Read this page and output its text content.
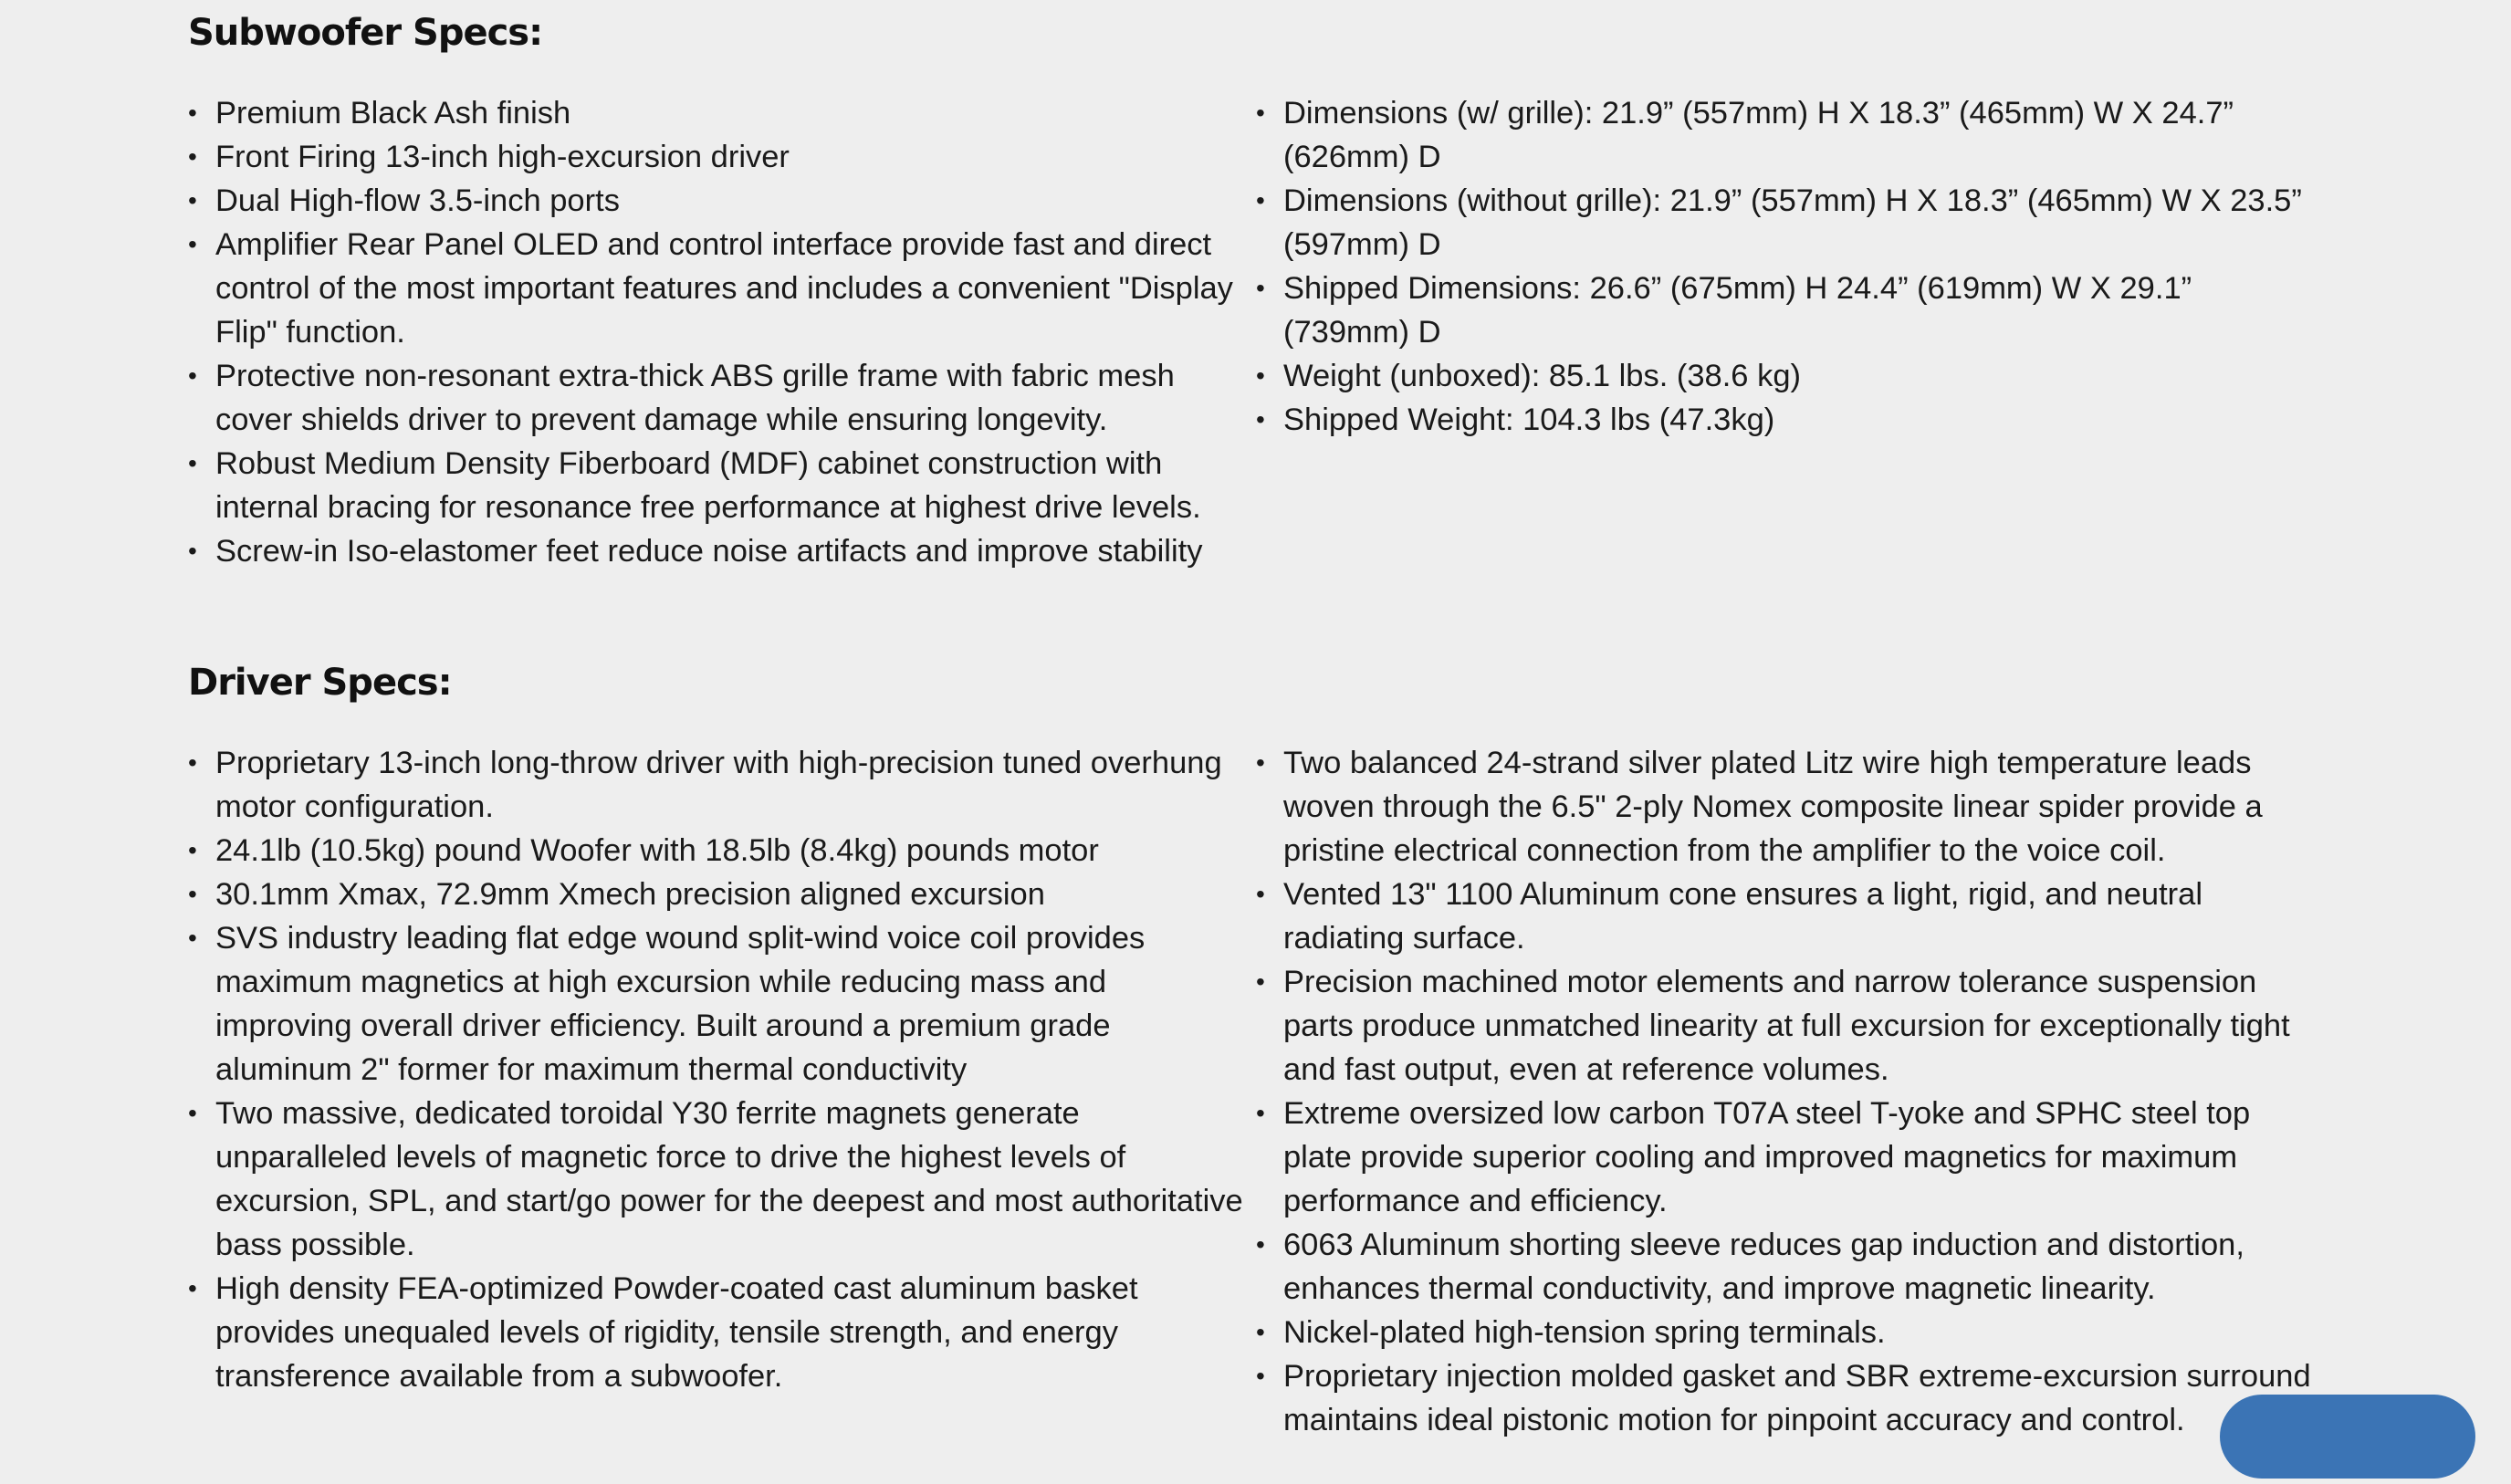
Subwoofer Specs:
• Premium Black Ash finish
• Front Firing 13-inch high-excursion driver
• Dual High-flow 3.5-inch ports
• Amplifier Rear Panel OLED and control interface provide fast and direct control of the most important features and includes a convenient "Display Flip" function.
• Protective non-resonant extra-thick ABS grille frame with fabric mesh cover shields driver to prevent damage while ensuring longevity.
• Robust Medium Density Fiberboard (MDF) cabinet construction with internal bracing for resonance free performance at highest drive levels.
• Screw-in Iso-elastomer feet reduce noise artifacts and improve stability
• Dimensions (w/ grille): 21.9” (557mm) H X 18.3” (465mm) W X 24.7” (626mm) D
• Dimensions (without grille): 21.9” (557mm) H X 18.3” (465mm) W X 23.5” (597mm) D
• Shipped Dimensions: 26.6” (675mm) H 24.4” (619mm) W X 29.1” (739mm) D
• Weight (unboxed): 85.1 lbs. (38.6 kg)
• Shipped Weight: 104.3 lbs (47.3kg)
Driver Specs:
• Proprietary 13-inch long-throw driver with high-precision tuned overhung motor configuration.
• 24.1lb (10.5kg) pound Woofer with 18.5lb (8.4kg) pounds motor
• 30.1mm Xmax, 72.9mm Xmech precision aligned excursion
• SVS industry leading flat edge wound split-wind voice coil provides maximum magnetics at high excursion while reducing mass and improving overall driver efficiency. Built around a premium grade aluminum 2" former for maximum thermal conductivity
• Two massive, dedicated toroidal Y30 ferrite magnets generate unparalleled levels of magnetic force to drive the highest levels of excursion, SPL, and start/go power for the deepest and most authoritative bass possible.
• High density FEA-optimized Powder-coated cast aluminum basket provides unequaled levels of rigidity, tensile strength, and energy transference available from a subwoofer.
• Two balanced 24-strand silver plated Litz wire high temperature leads woven through the 6.5" 2-ply Nomex composite linear spider provide a pristine electrical connection from the amplifier to the voice coil.
• Vented 13" 1100 Aluminum cone ensures a light, rigid, and neutral radiating surface.
• Precision machined motor elements and narrow tolerance suspension parts produce unmatched linearity at full excursion for exceptionally tight and fast output, even at reference volumes.
• Extreme oversized low carbon T07A steel T-yoke and SPHC steel top plate provide superior cooling and improved magnetics for maximum performance and efficiency.
• 6063 Aluminum shorting sleeve reduces gap induction and distortion, enhances thermal conductivity, and improve magnetic linearity.
• Nickel-plated high-tension spring terminals.
• Proprietary injection molded gasket and SBR extreme-excursion surround maintains ideal pistonic motion for pinpoint accuracy and control.
